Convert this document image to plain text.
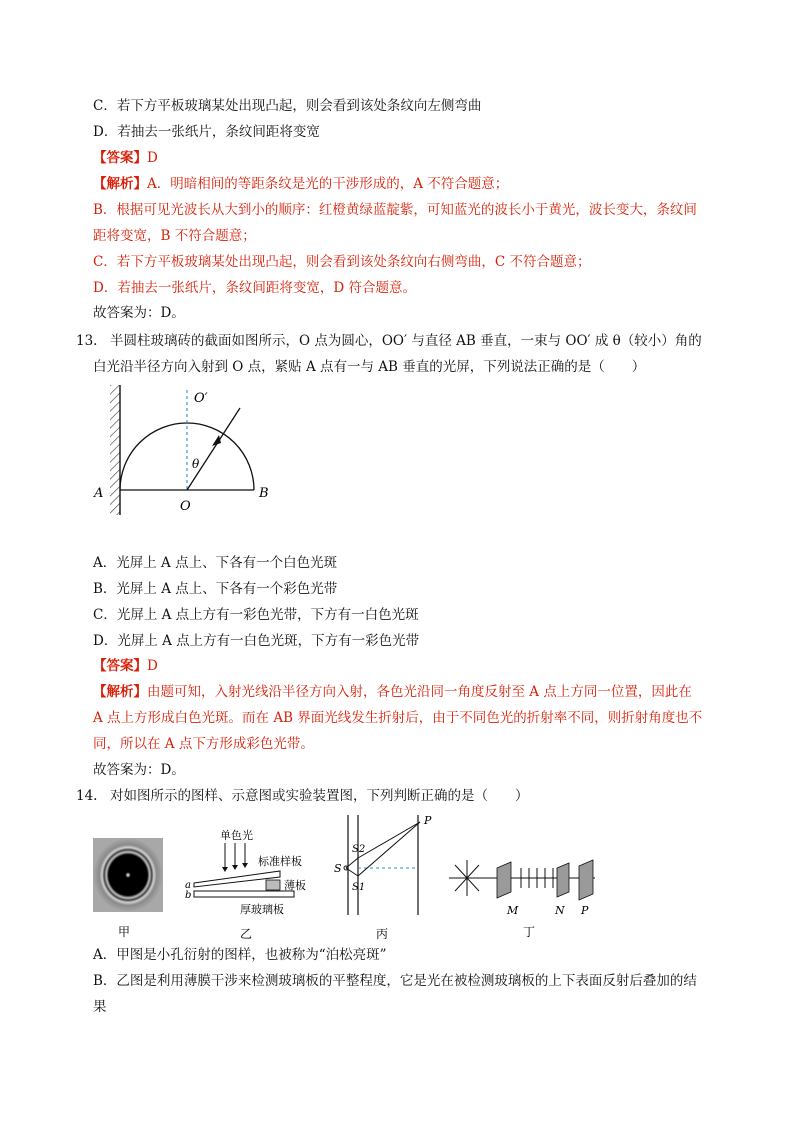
C．若下方平板玻璃某处出现凸起，则会看到该处条纹向左侧弯曲
D．若抽去一张纸片，条纹间距将变宽
【答案】D
【解析】A．明暗相间的等距条纹是光的干涉形成的，A 不符合题意；
B．根据可见光波长从大到小的顺序：红橙黄绿蓝靛紫，可知蓝光的波长小于黄光，波长变大，条纹间
距将变宽，B 不符合题意；
C．若下方平板玻璃某处出现凸起，则会看到该处条纹向右侧弯曲，C 不符合题意；
D．若抽去一张纸片，条纹间距将变宽，D 符合题意。
故答案为：D。
13. 半圆柱玻璃砖的截面如图所示，O 点为圆心，OO′ 与直径 AB 垂直，一束与 OO′ 成 θ（较小）角的
白光沿半径方向入射到 O 点，紧贴 A 点有一与 AB 垂直的光屏，下列说法正确的是（　　）
O′
θ
A
O
B
A．光屏上 A 点上、下各有一个白色光斑
B．光屏上 A 点上、下各有一个彩色光带
C．光屏上 A 点上方有一彩色光带，下方有一白色光斑
D．光屏上 A 点上方有一白色光斑，下方有一彩色光带
【答案】D
【解析】由题可知，入射光线沿半径方向入射，各色光沿同一角度反射至 A 点上方同一位置，因此在
A 点上方形成白色光斑。而在 AB 界面光线发生折射后，由于不同色光的折射率不同，则折射角度也不
同，所以在 A 点下方形成彩色光带。
故答案为：D。
14. 对如图所示的图样、示意图或实验装置图，下列判断正确的是（　　）
甲
单色光
标准样板
薄板
a
b
厚玻璃板
乙
S
S2
S1
P
丙
M	N P
丁
A．甲图是小孔衍射的图样，也被称为“泊松亮斑”
B．乙图是利用薄膜干涉来检测玻璃板的平整程度，它是光在被检测玻璃板的上下表面反射后叠加的结
果
